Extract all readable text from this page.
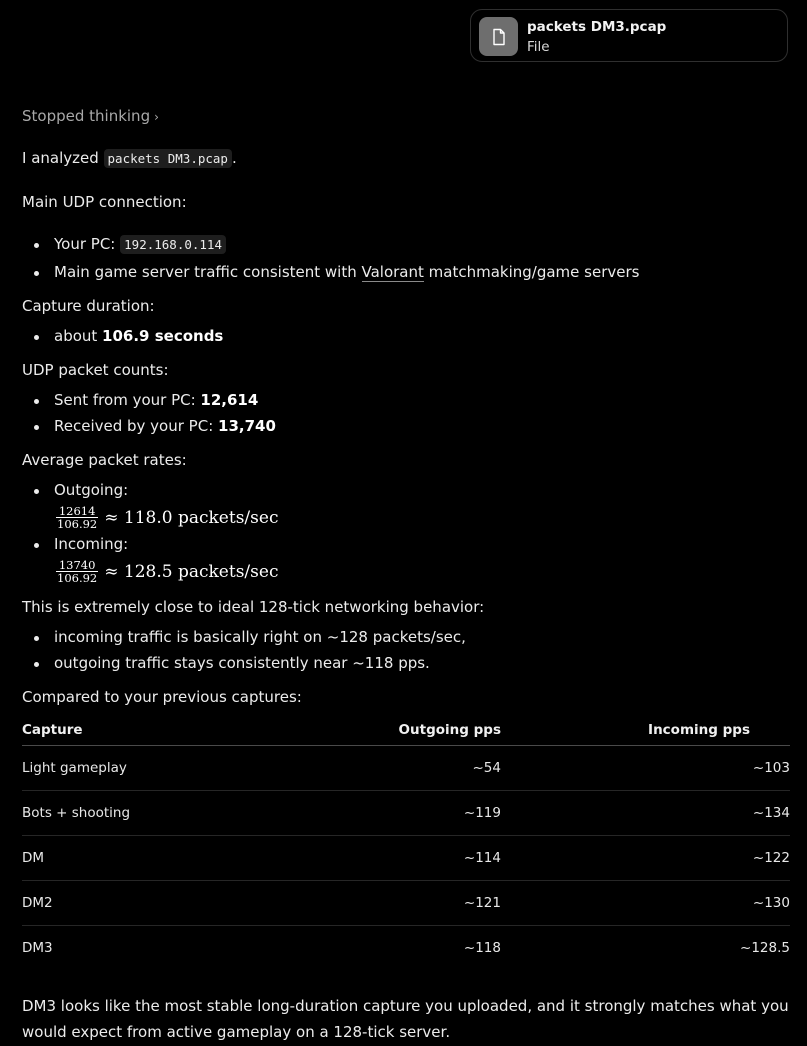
packets DM3.pcap
File
Stopped thinking ›
I analyzed packets DM3.pcap .
Main UDP connection:
Your PC: 192.168.0.114
Main game server traffic consistent with Valorant matchmaking/game servers
Capture duration:
about 106.9 seconds
UDP packet counts:
Sent from your PC: 12,614
Received by your PC: 13,740
Average packet rates:
Outgoing:
$\frac{12614}{106.92} \approx 118.0$ packets/sec
Incoming:
$\frac{13740}{106.92} \approx 128.5$ packets/sec
This is extremely close to ideal 128-tick networking behavior:
incoming traffic is basically right on ~128 packets/sec,
outgoing traffic stays consistently near ~118 pps.
Compared to your previous captures:
Capture	Outgoing pps	Incoming pps
Light gameplay	~54	~103
Bots + shooting	~119	~134
DM	~114	~122
DM2	~121	~130
DM3	~118	~128.5
DM3 looks like the most stable long-duration capture you uploaded, and it strongly matches what you
would expect from active gameplay on a 128-tick server.
